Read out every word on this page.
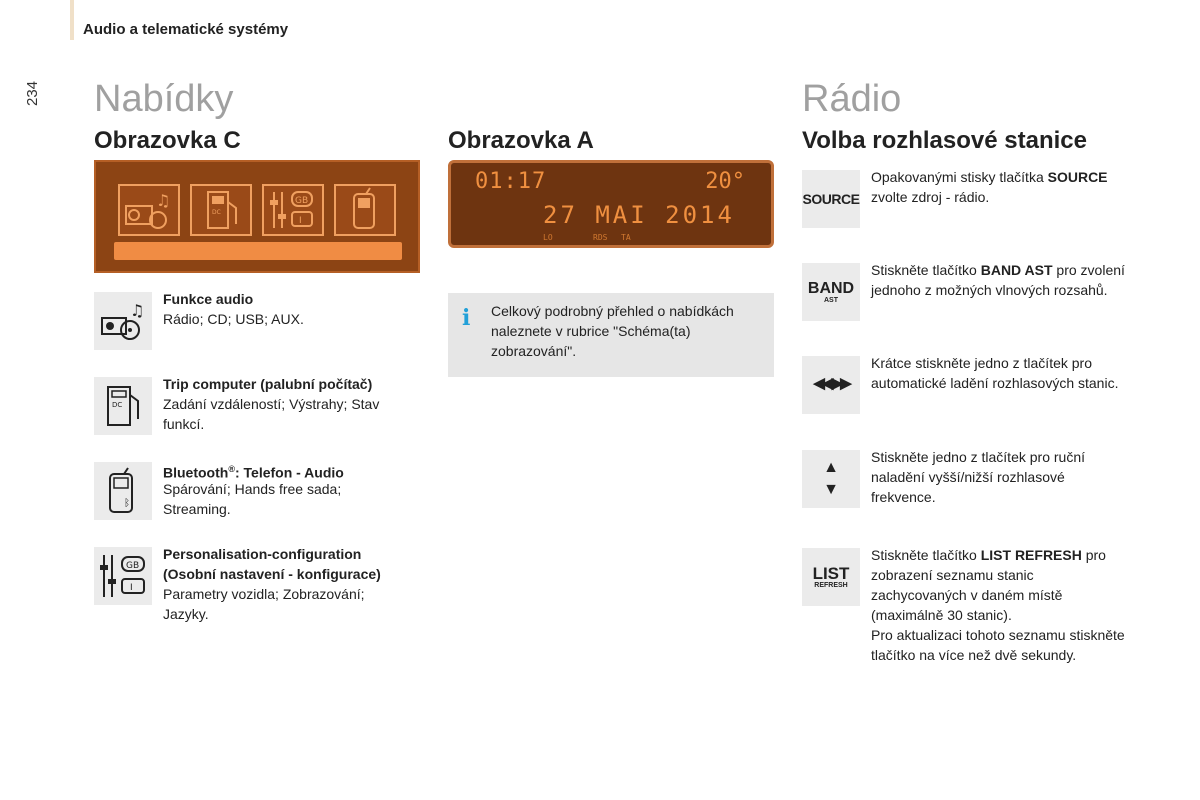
Audio a telematické systémy
234 Nabídky
Obrazovka C	Obrazovka A
♫
DC
GB
I
01:17	20°
27 MAI 2014
LO	RDS TA
♫
Funkce audio
Rádio; CD; USB; AUX.
DC
Trip computer (palubní počítač)
Zadání vzdáleností; Výstrahy; Stav funkcí.
ᛒ
Bluetooth®: Telefon - Audio
Spárování; Hands free sada; Streaming.
GB
I
Personalisation-configuration (Osobní nastavení - konfigurace)
Parametry vozidla; Zobrazování; Jazyky.
i Celkový podrobný přehled o nabídkách naleznete v rubrice "Schéma(ta) zobrazování".
Rádio
Volba rozhlasové stanice
SOURCE
Opakovanými stisky tlačítka SOURCE zvolte zdroj - rádio.
BAND
AST
Stiskněte tlačítko BAND AST pro zvolení jednoho z možných vlnových rozsahů.
◀◀ ▶▶
Krátce stiskněte jedno z tlačítek pro automatické ladění rozhlasových stanic.
▲
▼
Stiskněte jedno z tlačítek pro ruční naladění vyšší/nižší rozhlasové frekvence.
LIST
REFRESH
Stiskněte tlačítko LIST REFRESH pro zobrazení seznamu stanic zachycovaných v daném místě (maximálně 30 stanic).
Pro aktualizaci tohoto seznamu stiskněte tlačítko na více než dvě sekundy.
